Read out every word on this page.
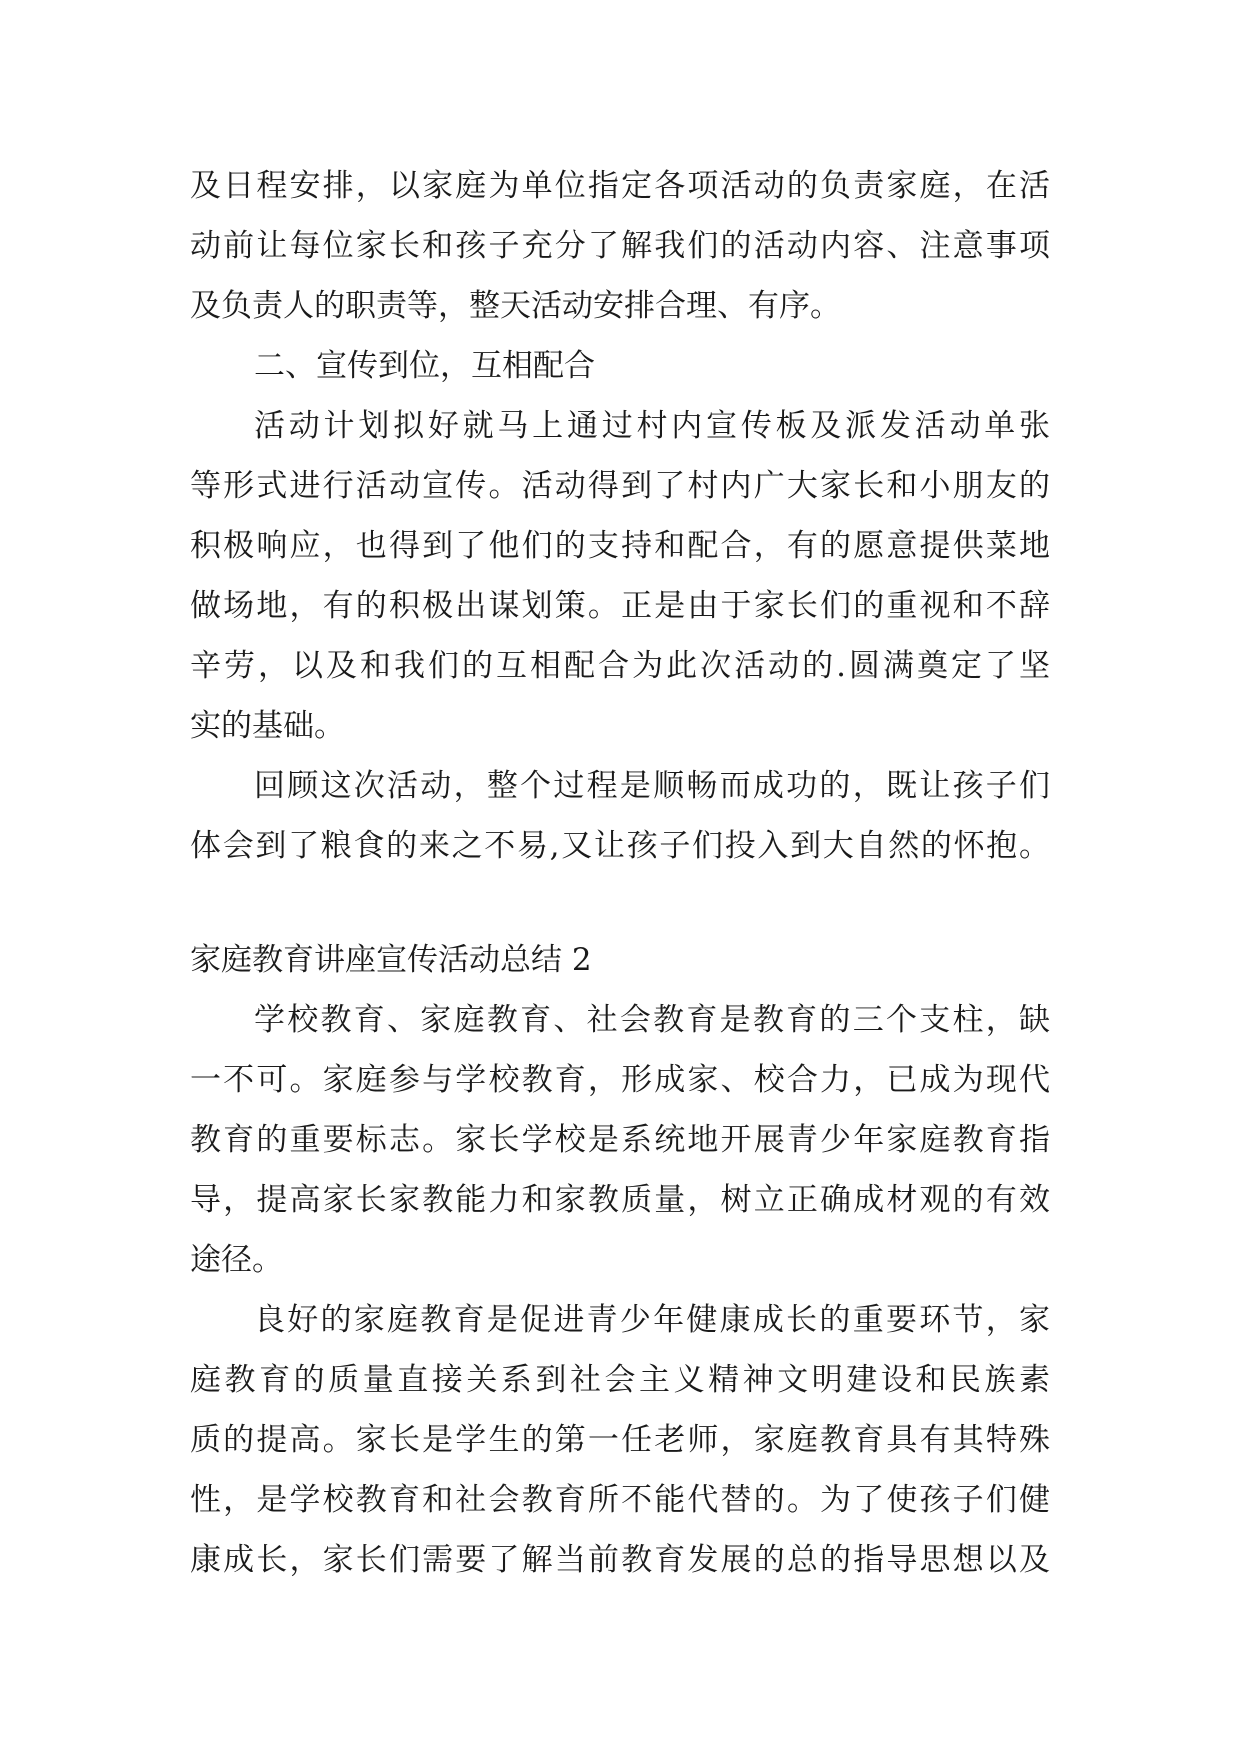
及日程安排，以家庭为单位指定各项活动的负责家庭，在活
动前让每位家长和孩子充分了解我们的活动内容、注意事项
及负责人的职责等，整天活动安排合理、有序。
二、宣传到位，互相配合
活动计划拟好就马上通过村内宣传板及派发活动单张
等形式进行活动宣传。活动得到了村内广大家长和小朋友的
积极响应，也得到了他们的支持和配合，有的愿意提供菜地
做场地，有的积极出谋划策。正是由于家长们的重视和不辞
辛劳，以及和我们的互相配合为此次活动的.圆满奠定了坚
实的基础。
回顾这次活动，整个过程是顺畅而成功的，既让孩子们
体会到了粮食的来之不易,又让孩子们投入到大自然的怀抱。
家庭教育讲座宣传活动总结 2
学校教育、家庭教育、社会教育是教育的三个支柱，缺
一不可。家庭参与学校教育，形成家、校合力，已成为现代
教育的重要标志。家长学校是系统地开展青少年家庭教育指
导，提高家长家教能力和家教质量，树立正确成材观的有效
途径。
良好的家庭教育是促进青少年健康成长的重要环节，家
庭教育的质量直接关系到社会主义精神文明建设和民族素
质的提高。家长是学生的第一任老师，家庭教育具有其特殊
性，是学校教育和社会教育所不能代替的。为了使孩子们健
康成长，家长们需要了解当前教育发展的总的指导思想以及
